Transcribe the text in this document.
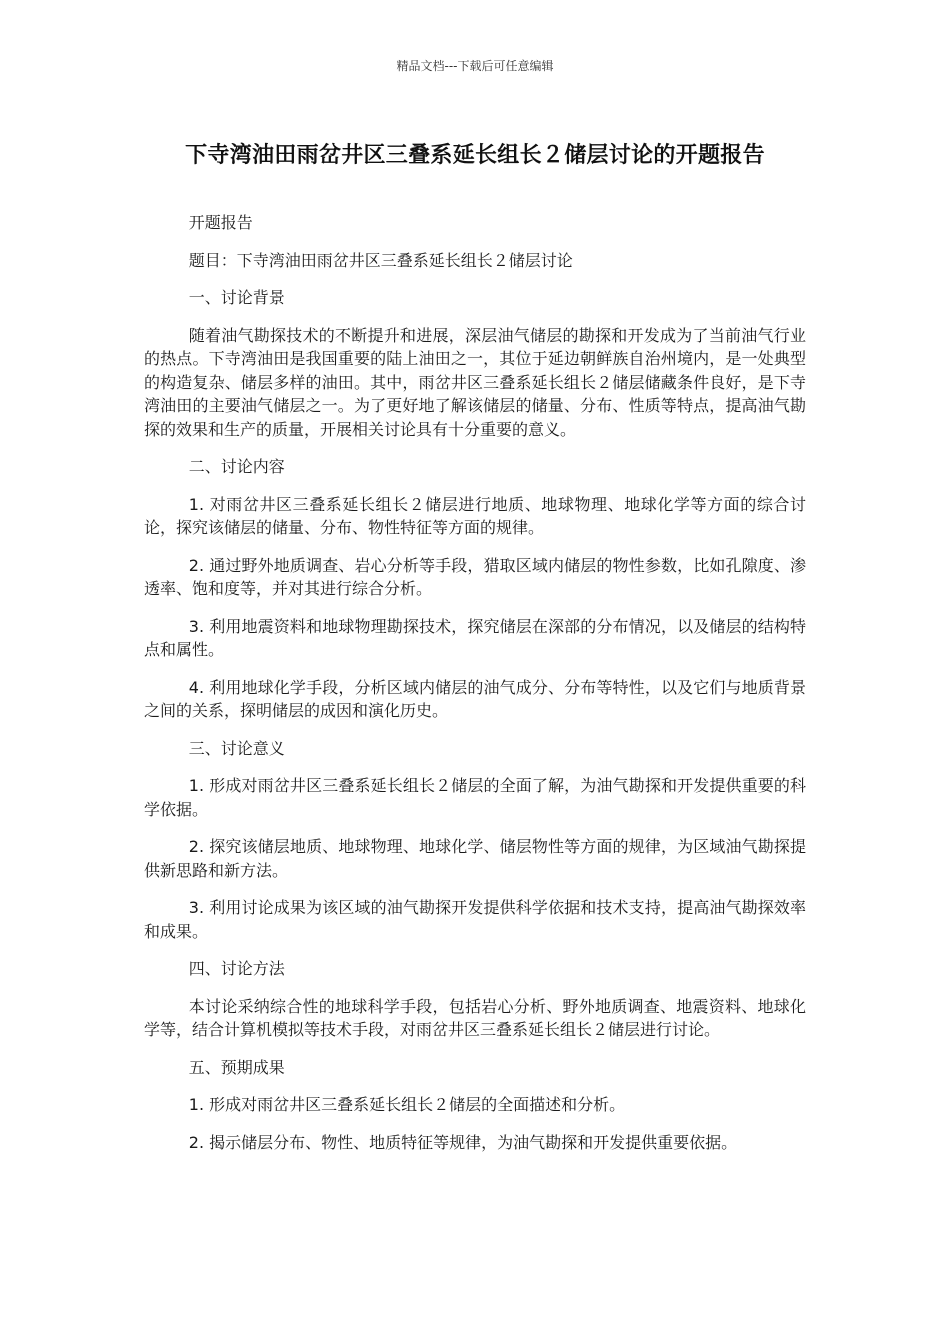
精品文档---下载后可任意编辑
下寺湾油田雨岔井区三叠系延长组长２储层讨论的开题报告

开题报告

题目：下寺湾油田雨岔井区三叠系延长组长２储层讨论

一、讨论背景

随着油气勘探技术的不断提升和进展，深层油气储层的勘探和开发成为了当前油气行业的热点。下寺湾油田是我国重要的陆上油田之一，其位于延边朝鲜族自治州境内，是一处典型的构造复杂、储层多样的油田。其中，雨岔井区三叠系延长组长２储层储藏条件良好，是下寺湾油田的主要油气储层之一。为了更好地了解该储层的储量、分布、性质等特点，提高油气勘探的效果和生产的质量，开展相关讨论具有十分重要的意义。

二、讨论内容

1. 对雨岔井区三叠系延长组长２储层进行地质、地球物理、地球化学等方面的综合讨论，探究该储层的储量、分布、物性特征等方面的规律。

2. 通过野外地质调查、岩心分析等手段，猎取区域内储层的物性参数，比如孔隙度、渗透率、饱和度等，并对其进行综合分析。

3. 利用地震资料和地球物理勘探技术，探究储层在深部的分布情况，以及储层的结构特点和属性。

4. 利用地球化学手段，分析区域内储层的油气成分、分布等特性，以及它们与地质背景之间的关系，探明储层的成因和演化历史。

三、讨论意义

1. 形成对雨岔井区三叠系延长组长２储层的全面了解，为油气勘探和开发提供重要的科学依据。

2. 探究该储层地质、地球物理、地球化学、储层物性等方面的规律，为区域油气勘探提供新思路和新方法。

3. 利用讨论成果为该区域的油气勘探开发提供科学依据和技术支持，提高油气勘探效率和成果。

四、讨论方法

本讨论采纳综合性的地球科学手段，包括岩心分析、野外地质调查、地震资料、地球化学等，结合计算机模拟等技术手段，对雨岔井区三叠系延长组长２储层进行讨论。

五、预期成果

1. 形成对雨岔井区三叠系延长组长２储层的全面描述和分析。

2. 揭示储层分布、物性、地质特征等规律，为油气勘探和开发提供重要依据。
